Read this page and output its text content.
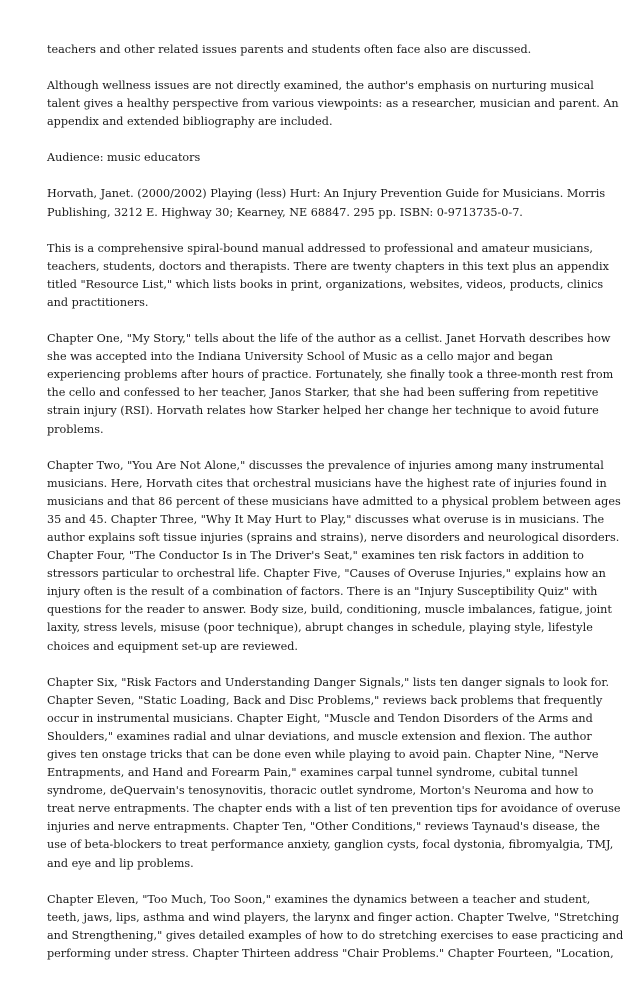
teachers and other related issues parents and students often face also are discussed.

Although wellness issues are not directly examined, the author's emphasis on nurturing musical
talent gives a healthy perspective from various viewpoints: as a researcher, musician and parent. An
appendix and extended bibliography are included.

Audience: music educators

Horvath, Janet. (2000/2002) Playing (less) Hurt: An Injury Prevention Guide for Musicians. Morris
Publishing, 3212 E. Highway 30; Kearney, NE 68847. 295 pp. ISBN: 0-9713735-0-7.

This is a comprehensive spiral-bound manual addressed to professional and amateur musicians,
teachers, students, doctors and therapists. There are twenty chapters in this text plus an appendix
titled "Resource List," which lists books in print, organizations, websites, videos, products, clinics
and practitioners.

Chapter One, "My Story," tells about the life of the author as a cellist. Janet Horvath describes how
she was accepted into the Indiana University School of Music as a cello major and began
experiencing problems after hours of practice. Fortunately, she finally took a three-month rest from
the cello and confessed to her teacher, Janos Starker, that she had been suffering from repetitive
strain injury (RSI). Horvath relates how Starker helped her change her technique to avoid future
problems.

Chapter Two, "You Are Not Alone," discusses the prevalence of injuries among many instrumental
musicians. Here, Horvath cites that orchestral musicians have the highest rate of injuries found in
musicians and that 86 percent of these musicians have admitted to a physical problem between ages
35 and 45. Chapter Three, "Why It May Hurt to Play," discusses what overuse is in musicians. The
author explains soft tissue injuries (sprains and strains), nerve disorders and neurological disorders.
Chapter Four, "The Conductor Is in The Driver's Seat," examines ten risk factors in addition to
stressors particular to orchestral life. Chapter Five, "Causes of Overuse Injuries," explains how an
injury often is the result of a combination of factors. There is an "Injury Susceptibility Quiz" with
questions for the reader to answer. Body size, build, conditioning, muscle imbalances, fatigue, joint
laxity, stress levels, misuse (poor technique), abrupt changes in schedule, playing style, lifestyle
choices and equipment set-up are reviewed.

Chapter Six, "Risk Factors and Understanding Danger Signals," lists ten danger signals to look for.
Chapter Seven, "Static Loading, Back and Disc Problems," reviews back problems that frequently
occur in instrumental musicians. Chapter Eight, "Muscle and Tendon Disorders of the Arms and
Shoulders," examines radial and ulnar deviations, and muscle extension and flexion. The author
gives ten onstage tricks that can be done even while playing to avoid pain. Chapter Nine, "Nerve
Entrapments, and Hand and Forearm Pain," examines carpal tunnel syndrome, cubital tunnel
syndrome, deQuervain's tenosynovitis, thoracic outlet syndrome, Morton's Neuroma and how to
treat nerve entrapments. The chapter ends with a list of ten prevention tips for avoidance of overuse
injuries and nerve entrapments. Chapter Ten, "Other Conditions," reviews Taynaud's disease, the
use of beta-blockers to treat performance anxiety, ganglion cysts, focal dystonia, fibromyalgia, TMJ,
and eye and lip problems.

Chapter Eleven, "Too Much, Too Soon," examines the dynamics between a teacher and student,
teeth, jaws, lips, asthma and wind players, the larynx and finger action. Chapter Twelve, "Stretching
and Strengthening," gives detailed examples of how to do stretching exercises to ease practicing and
performing under stress. Chapter Thirteen address "Chair Problems." Chapter Fourteen, "Location,
